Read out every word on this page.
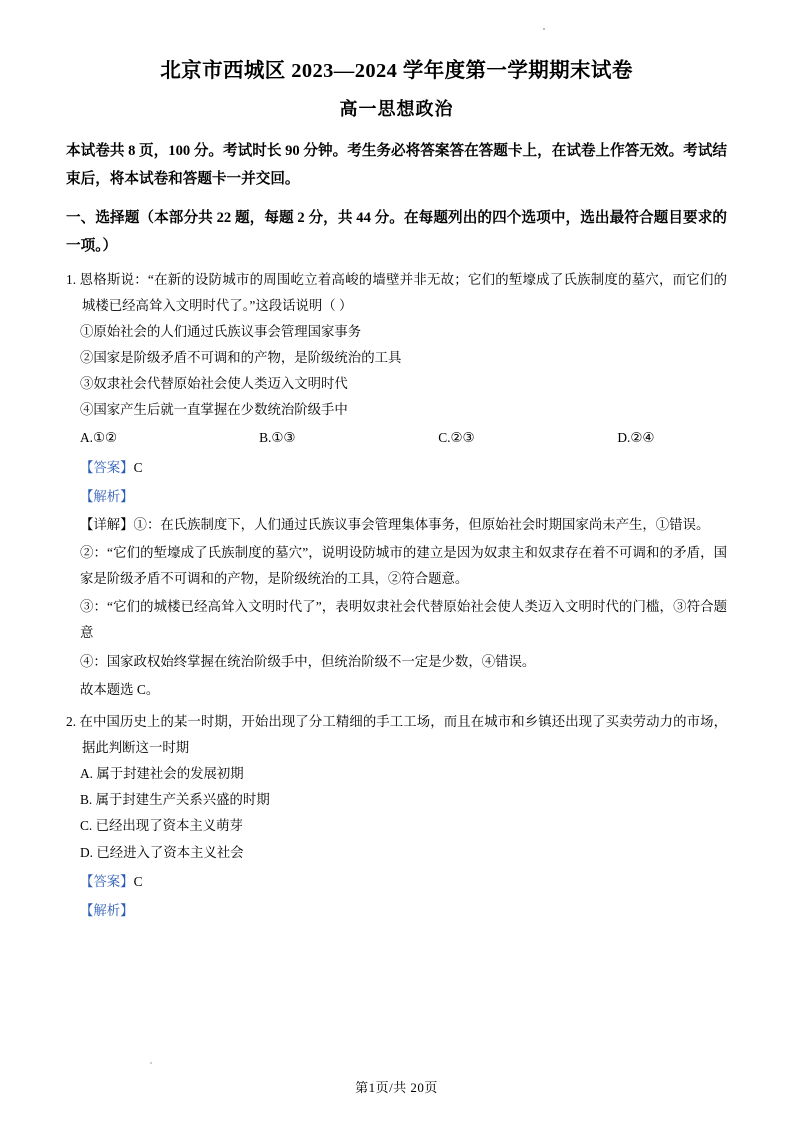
北京市西城区 2023—2024 学年度第一学期期末试卷
高一思想政治

本试卷共 8 页，100 分。考试时长 90 分钟。考生务必将答案答在答题卡上，在试卷上作答无效。考试结束后，将本试卷和答题卡一并交回。

一、选择题（本部分共 22 题，每题 2 分，共 44 分。在每题列出的四个选项中，选出最符合题目要求的一项。）

1. 恩格斯说：“在新的设防城市的周围屹立着高峻的墙壁并非无故；它们的堑壕成了氏族制度的墓穴，而它们的城楼已经高耸入文明时代了。”这段话说明（ ）

①原始社会的人们通过氏族议事会管理国家事务

②国家是阶级矛盾不可调和的产物，是阶级统治的工具

③奴隶社会代替原始社会使人类迈入文明时代

④国家产生后就一直掌握在少数统治阶级手中

A.①②	B.①③	C.②③	D.②④

【答案】C

【解析】

【详解】①：在氏族制度下，人们通过氏族议事会管理集体事务，但原始社会时期国家尚未产生，①错误。

②：“它们的堑壕成了氏族制度的墓穴”，说明设防城市的建立是因为奴隶主和奴隶存在着不可调和的矛盾，国家是阶级矛盾不可调和的产物，是阶级统治的工具，②符合题意。

③：“它们的城楼已经高耸入文明时代了”，表明奴隶社会代替原始社会使人类迈入文明时代的门槛，③符合题意

④：国家政权始终掌握在统治阶级手中，但统治阶级不一定是少数，④错误。

故本题选 C。

2. 在中国历史上的某一时期，开始出现了分工精细的手工工场，而且在城市和乡镇还出现了买卖劳动力的市场，据此判断这一时期

A. 属于封建社会的发展初期

B. 属于封建生产关系兴盛的时期

C. 已经出现了资本主义萌芽

D. 已经进入了资本主义社会

【答案】C

【解析】

第1页/共 20页
